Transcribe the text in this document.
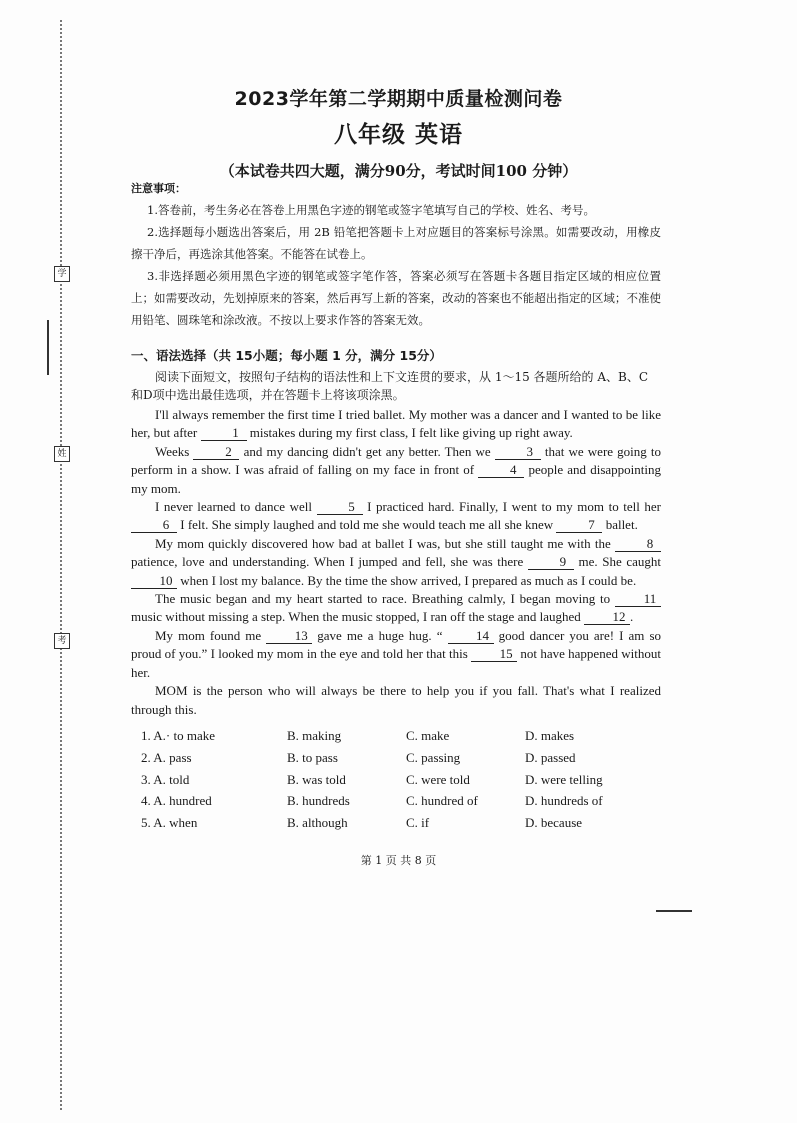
学
姓
考
2023学年第二学期期中质量检测问卷
八年级 英语
（本试卷共四大题，满分90分，考试时间100 分钟）
注意事项：
1.答卷前，考生务必在答卷上用黑色字迹的钢笔或签字笔填写自己的学校、姓名、考号。
2.选择题每小题选出答案后，用 2B 铅笔把答题卡上对应题目的答案标号涂黑。如需要改动，用橡皮擦干净后，再选涂其他答案。不能答在试卷上。
3.非选择题必须用黑色字迹的钢笔或签字笔作答，答案必须写在答题卡各题目指定区域的相应位置上；如需要改动，先划掉原来的答案，然后再写上新的答案，改动的答案也不能超出指定的区域；不准使用铅笔、圆珠笔和涂改液。不按以上要求作答的答案无效。
一、语法选择（共 15小题；每小题 1 分，满分 15分）
阅读下面短文，按照句子结构的语法性和上下文连贯的要求，从 1～15 各题所给的 A、B、C 和D项中选出最佳选项，并在答题卡上将该项涂黑。

I'll always remember the first time I tried ballet. My mother was a dancer and I wanted to be like her, but after 1 mistakes during my first class, I felt like giving up right away.

Weeks 2 and my dancing didn't get any better. Then we 3 that we were going to perform in a show. I was afraid of falling on my face in front of 4 people and disappointing my mom.

I never learned to dance well 5 I practiced hard. Finally, I went to my mom to tell her 6 I felt. She simply laughed and told me she would teach me all she knew 7 ballet.

My mom quickly discovered how bad at ballet I was, but she still taught me with the 8 patience, love and understanding. When I jumped and fell, she was there 9 me. She caught 10 when I lost my balance. By the time the show arrived, I prepared as much as I could be.

The music began and my heart started to race. Breathing calmly, I began moving to 11 music without missing a step. When the music stopped, I ran off the stage and laughed 12 .

My mom found me 13 gave me a huge hug. “ 14 good dancer you are! I am so proud of you.” I looked my mom in the eye and told her that this 15 not have happened without her.

MOM is the person who will always be there to help you if you fall. That's what I realized through this.

1. A.· to make	B. making	C. make	D. makes
2. A. pass	B. to pass	C. passing	D. passed
3. A. told	B. was told	C. were told	D. were telling
4. A. hundred	B. hundreds	C. hundred of	D. hundreds of
5. A. when	B. although	C. if	D. because
第 1 页 共 8 页
